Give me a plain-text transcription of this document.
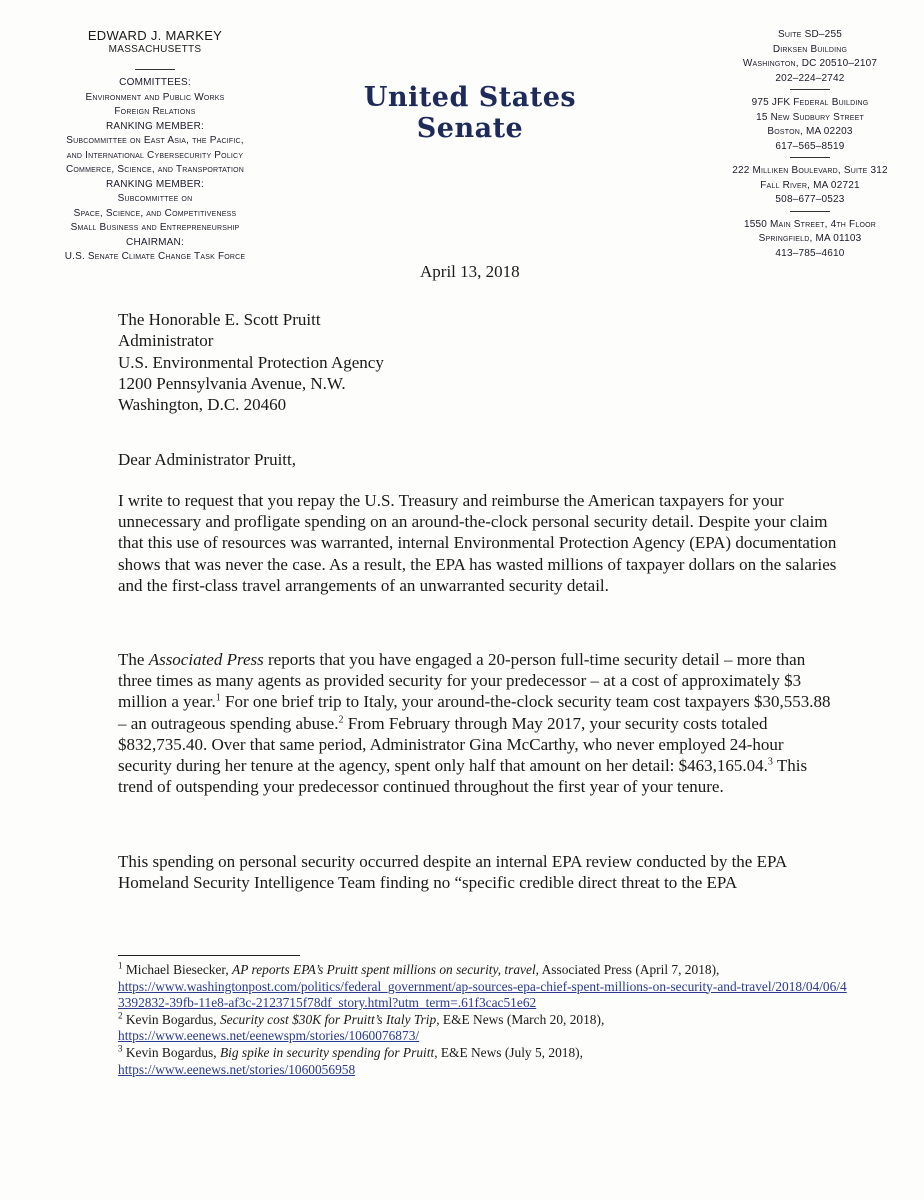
EDWARD J. MARKEY
MASSACHUSETTS
COMMITTEES:
Environment and Public Works
Foreign Relations
RANKING MEMBER:
Subcommittee on East Asia, the Pacific,
and International Cybersecurity Policy
Commerce, Science, and Transportation
RANKING MEMBER:
Subcommittee on
Space, Science, and Competitiveness
Small Business and Entrepreneurship
CHAIRMAN:
U.S. Senate Climate Change Task Force
United States Senate
Suite SD–255
Dirksen Building
Washington, DC 20510–2107
202–224–2742
975 JFK Federal Building
15 New Sudbury Street
Boston, MA 02203
617–565–8519
222 Milliken Boulevard, Suite 312
Fall River, MA 02721
508–677–0523
1550 Main Street, 4th Floor
Springfield, MA 01103
413–785–4610
April 13, 2018
The Honorable E. Scott Pruitt
Administrator
U.S. Environmental Protection Agency
1200 Pennsylvania Avenue, N.W.
Washington, D.C. 20460
Dear Administrator Pruitt,
I write to request that you repay the U.S. Treasury and reimburse the American taxpayers for your unnecessary and profligate spending on an around-the-clock personal security detail. Despite your claim that this use of resources was warranted, internal Environmental Protection Agency (EPA) documentation shows that was never the case. As a result, the EPA has wasted millions of taxpayer dollars on the salaries and the first-class travel arrangements of an unwarranted security detail.
The Associated Press reports that you have engaged a 20-person full-time security detail – more than three times as many agents as provided security for your predecessor – at a cost of approximately $3 million a year.$^1$ For one brief trip to Italy, your around-the-clock security team cost taxpayers $30,553.88 – an outrageous spending abuse.$^2$ From February through May 2017, your security costs totaled $832,735.40. Over that same period, Administrator Gina McCarthy, who never employed 24-hour security during her tenure at the agency, spent only half that amount on her detail: $463,165.04.$^3$ This trend of outspending your predecessor continued throughout the first year of your tenure.
This spending on personal security occurred despite an internal EPA review conducted by the EPA Homeland Security Intelligence Team finding no “specific credible direct threat to the EPA
$^1$ Michael Biesecker, AP reports EPA’s Pruitt spent millions on security, travel, Associated Press (April 7, 2018),
https://www.washingtonpost.com/politics/federal_government/ap-sources-epa-chief-spent-millions-on-security-and-travel/2018/04/06/43392832-39fb-11e8-af3c-2123715f78df_story.html?utm_term=.61f3cac51e62
$^2$ Kevin Bogardus, Security cost $30K for Pruitt’s Italy Trip, E&E News (March 20, 2018),
https://www.eenews.net/eenewspm/stories/1060076873/
$^3$ Kevin Bogardus, Big spike in security spending for Pruitt, E&E News (July 5, 2018),
https://www.eenews.net/stories/1060056958
